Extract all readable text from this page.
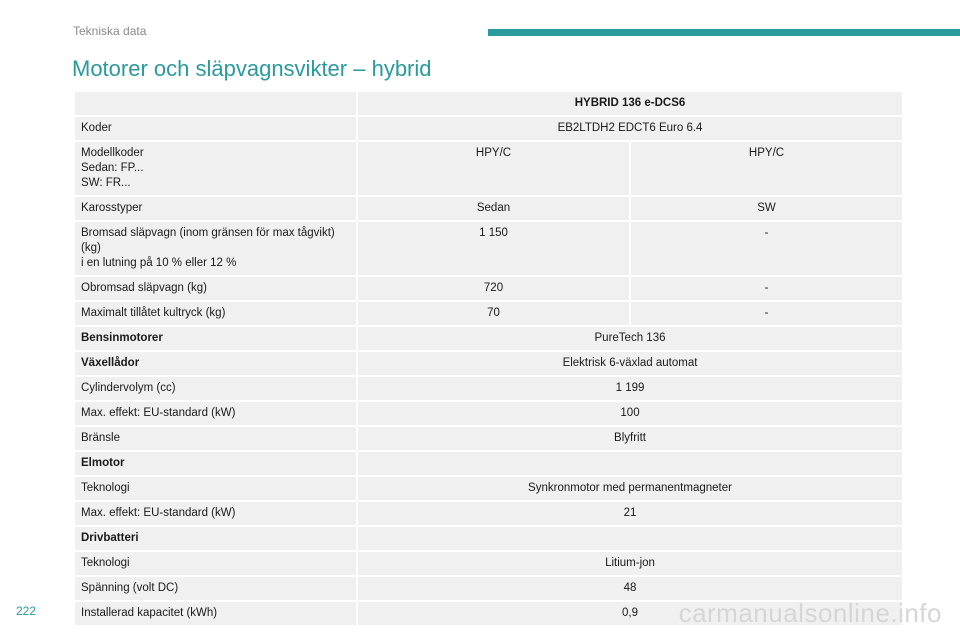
Tekniska data
Motorer och släpvagnsvikter – hybrid
	HYBRID 136 e-DCS6	
Koder	EB2LTDH2 EDCT6 Euro 6.4	
Modellkoder
Sedan: FP...
SW: FR...	HPY/C	HPY/C
Karosstyper	Sedan	SW
Bromsad släpvagn (inom gränsen för max tågvikt) (kg)
i en lutning på 10 % eller 12 %	1 150	-
Obromsad släpvagn (kg)	720	-
Maximalt tillåtet kultryck (kg)	70	-
Bensinmotorer	PureTech 136	
Växellådor	Elektrisk 6-växlad automat	
Cylindervolym (cc)	1 199	
Max. effekt: EU-standard (kW)	100	
Bränsle	Blyfritt	
Elmotor		
Teknologi	Synkronmotor med permanentmagneter	
Max. effekt: EU-standard (kW)	21	
Drivbatteri		
Teknologi	Litium-jon	
Spänning (volt DC)	48	
Installerad kapacitet (kWh)	0,9	
222	carmanualsonline.info
